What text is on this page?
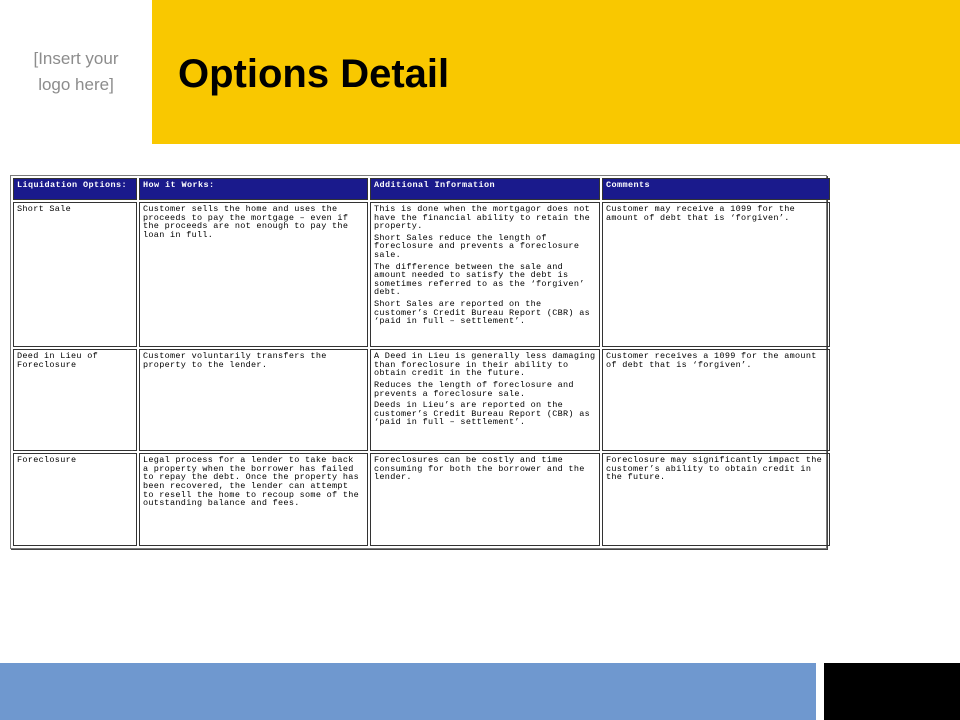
[Insert your logo here]	Options Detail
Liquidation Options:	How it Works:	Additional Information	Comments
Short Sale	Customer sells the home and uses the proceeds to pay the mortgage – even if the proceeds are not enough to pay the loan in full.	This is done when the mortgagor does not have the financial ability to retain the property.

Short Sales reduce the length of foreclosure and prevents a foreclosure sale.

The difference between the sale and amount needed to satisfy the debt is sometimes referred to as the ‘forgiven’ debt.

Short Sales are reported on the customer’s Credit Bureau Report (CBR) as ‘paid in full – settlement’.	Customer may receive a 1099 for the amount of debt that is ‘forgiven’.
Deed in Lieu of Foreclosure	Customer voluntarily transfers the property to the lender.	A Deed in Lieu is generally less damaging than foreclosure in their ability to obtain credit in the future.

Reduces the length of foreclosure and prevents a foreclosure sale.

Deeds in Lieu’s are reported on the customer’s Credit Bureau Report (CBR) as ‘paid in full – settlement’.	Customer receives a 1099 for the amount of debt that is ‘forgiven’.
Foreclosure	Legal process for a lender to take back a property when the borrower has failed to repay the debt. Once the property has been recovered, the lender can attempt to resell the home to recoup some of the outstanding balance and fees.	Foreclosures can be costly and time consuming for both the borrower and the lender.	Foreclosure may significantly impact the customer’s ability to obtain credit in the future.
